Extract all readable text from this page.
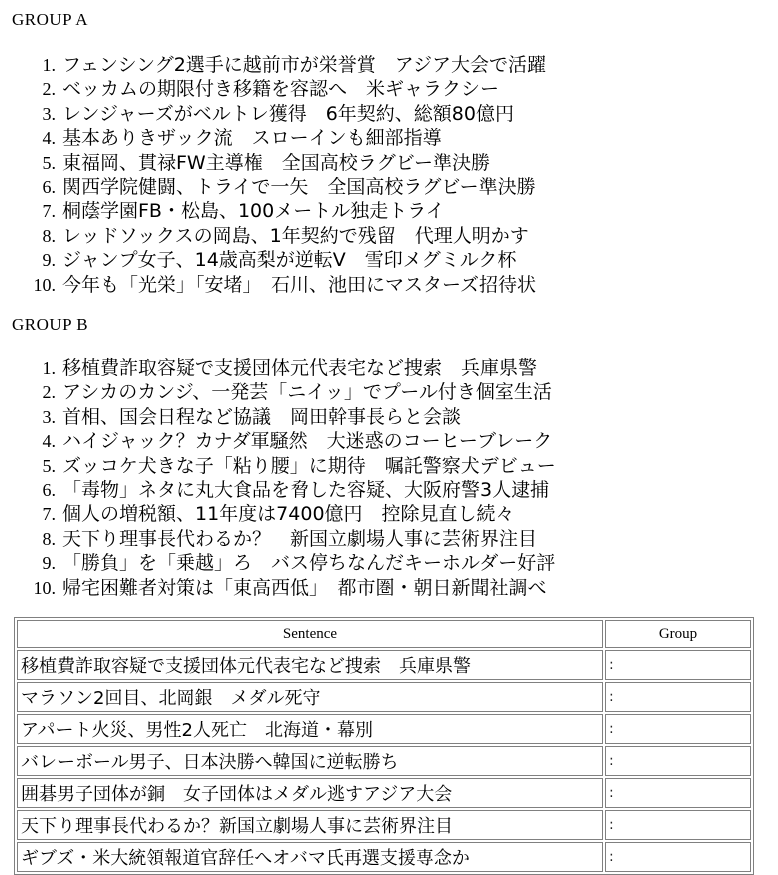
GROUP A
1. フェンシング2選手に越前市が栄誉賞　アジア大会で活躍
2. ベッカムの期限付き移籍を容認へ　米ギャラクシー
3. レンジャーズがベルトレ獲得　6年契約、総額80億円
4. 基本ありきザック流　スローインも細部指導
5. 東福岡、貫禄FW主導権　全国高校ラグビー準決勝
6. 関西学院健闘、トライで一矢　全国高校ラグビー準決勝
7. 桐蔭学園FB・松島、100メートル独走トライ
8. レッドソックスの岡島、1年契約で残留　代理人明かす
9. ジャンプ女子、14歳高梨が逆転V　雪印メグミルク杯
10. 今年も「光栄」「安堵」　石川、池田にマスターズ招待状
GROUP B
1. 移植費詐取容疑で支援団体元代表宅など捜索　兵庫県警
2. アシカのカンジ、一発芸「ニイッ」でプール付き個室生活
3. 首相、国会日程など協議　岡田幹事長らと会談
4. ハイジャック？カナダ軍騒然　大迷惑のコーヒーブレーク
5. ズッコケ犬きな子「粘り腰」に期待　嘱託警察犬デビュー
6. 「毒物」ネタに丸大食品を脅した容疑、大阪府警3人逮捕
7. 個人の増税額、11年度は7400億円　控除見直し続々
8. 天下り理事長代わるか？　新国立劇場人事に芸術界注目
9. 「勝負」を「乗越」ろ　バス停ちなんだキーホルダー好評
10. 帰宅困難者対策は「東高西低」　都市圏・朝日新聞社調べ
Sentence	Group
移植費詐取容疑で支援団体元代表宅など捜索　兵庫県警	:
マラソン2回目、北岡銀　メダル死守	:
アパート火災、男性2人死亡　北海道・幕別	:
バレーボール男子、日本決勝へ韓国に逆転勝ち	:
囲碁男子団体が銅　女子団体はメダル逃すアジア大会	:
天下り理事長代わるか？新国立劇場人事に芸術界注目	:
ギブズ・米大統領報道官辞任へオバマ氏再選支援専念か	:
